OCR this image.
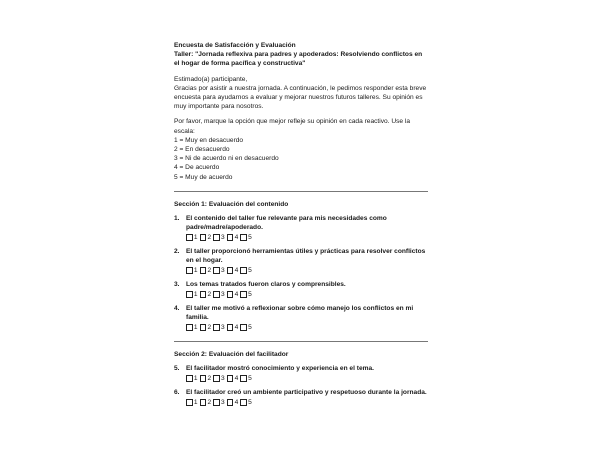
Encuesta de Satisfacción y Evaluación

Taller: "Jornada reflexiva para padres y apoderados: Resolviendo conflictos en el hogar de forma pacífica y constructiva"

Estimado(a) participante,

Gracias por asistir a nuestra jornada. A continuación, le pedimos responder esta breve encuesta para ayudarnos a evaluar y mejorar nuestros futuros talleres. Su opinión es muy importante para nosotros.

Por favor, marque la opción que mejor refleje su opinión en cada reactivo. Use la escala:

1 = Muy en desacuerdo

2 = En desacuerdo

3 = Ni de acuerdo ni en desacuerdo

4 = De acuerdo

5 = Muy de acuerdo

Sección 1: Evaluación del contenido

1. El contenido del taller fue relevante para mis necesidades como padre/madre/apoderado.
1 2 3 4 5
2. El taller proporcionó herramientas útiles y prácticas para resolver conflictos en el hogar.
1 2 3 4 5
3. Los temas tratados fueron claros y comprensibles.
1 2 3 4 5
4. El taller me motivó a reflexionar sobre cómo manejo los conflictos en mi familia.
1 2 3 4 5

Sección 2: Evaluación del facilitador

5. El facilitador mostró conocimiento y experiencia en el tema.
1 2 3 4 5
6. El facilitador creó un ambiente participativo y respetuoso durante la jornada.
1 2 3 4 5
